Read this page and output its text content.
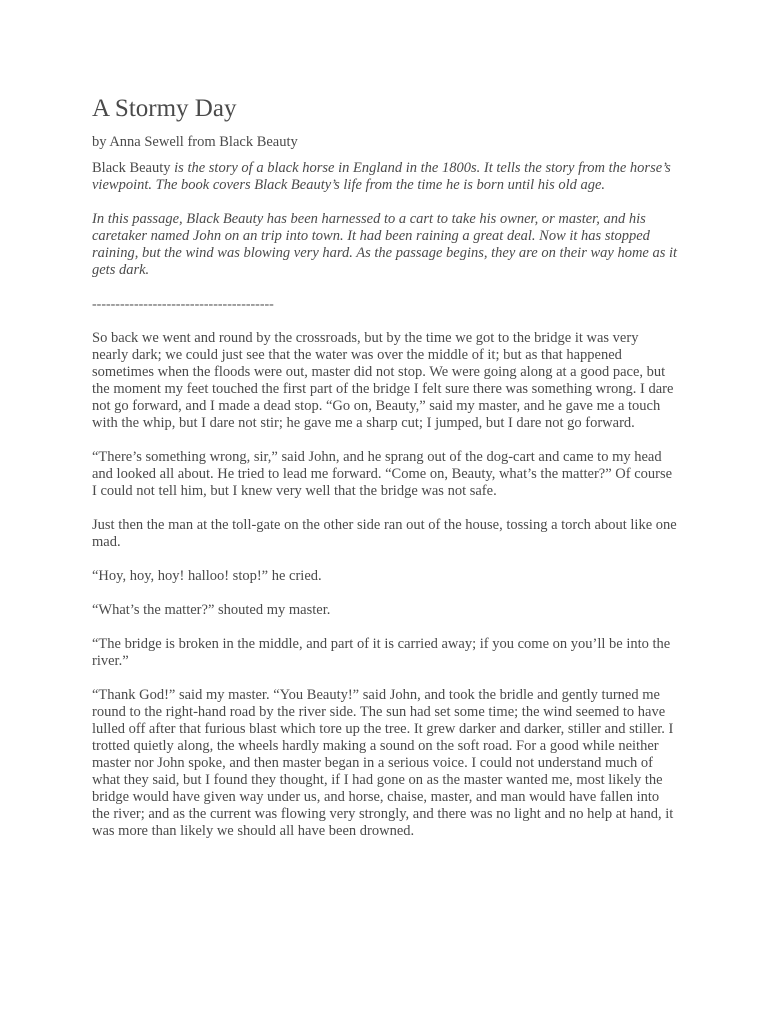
A Stormy Day
by Anna Sewell from Black Beauty

Black Beauty is the story of a black horse in England in the 1800s. It tells the story from the horse’s viewpoint. The book covers Black Beauty’s life from the time he is born until his old age.

In this passage, Black Beauty has been harnessed to a cart to take his owner, or master, and his caretaker named John on an trip into town. It had been raining a great deal. Now it has stopped raining, but the wind was blowing very hard. As the passage begins, they are on their way home as it gets dark.

---------------------------------------

So back we went and round by the crossroads, but by the time we got to the bridge it was very nearly dark; we could just see that the water was over the middle of it; but as that happened sometimes when the floods were out, master did not stop. We were going along at a good pace, but the moment my feet touched the first part of the bridge I felt sure there was something wrong. I dare not go forward, and I made a dead stop. “Go on, Beauty,” said my master, and he gave me a touch with the whip, but I dare not stir; he gave me a sharp cut; I jumped, but I dare not go forward.

“There’s something wrong, sir,” said John, and he sprang out of the dog-cart and came to my head and looked all about. He tried to lead me forward. “Come on, Beauty, what’s the matter?” Of course I could not tell him, but I knew very well that the bridge was not safe.

Just then the man at the toll-gate on the other side ran out of the house, tossing a torch about like one mad.

“Hoy, hoy, hoy! halloo! stop!” he cried.

“What’s the matter?” shouted my master.

“The bridge is broken in the middle, and part of it is carried away; if you come on you’ll be into the river.”

“Thank God!” said my master. “You Beauty!” said John, and took the bridle and gently turned me round to the right-hand road by the river side. The sun had set some time; the wind seemed to have lulled off after that furious blast which tore up the tree. It grew darker and darker, stiller and stiller. I trotted quietly along, the wheels hardly making a sound on the soft road. For a good while neither master nor John spoke, and then master began in a serious voice. I could not understand much of what they said, but I found they thought, if I had gone on as the master wanted me, most likely the bridge would have given way under us, and horse, chaise, master, and man would have fallen into the river; and as the current was flowing very strongly, and there was no light and no help at hand, it was more than likely we should all have been drowned.
